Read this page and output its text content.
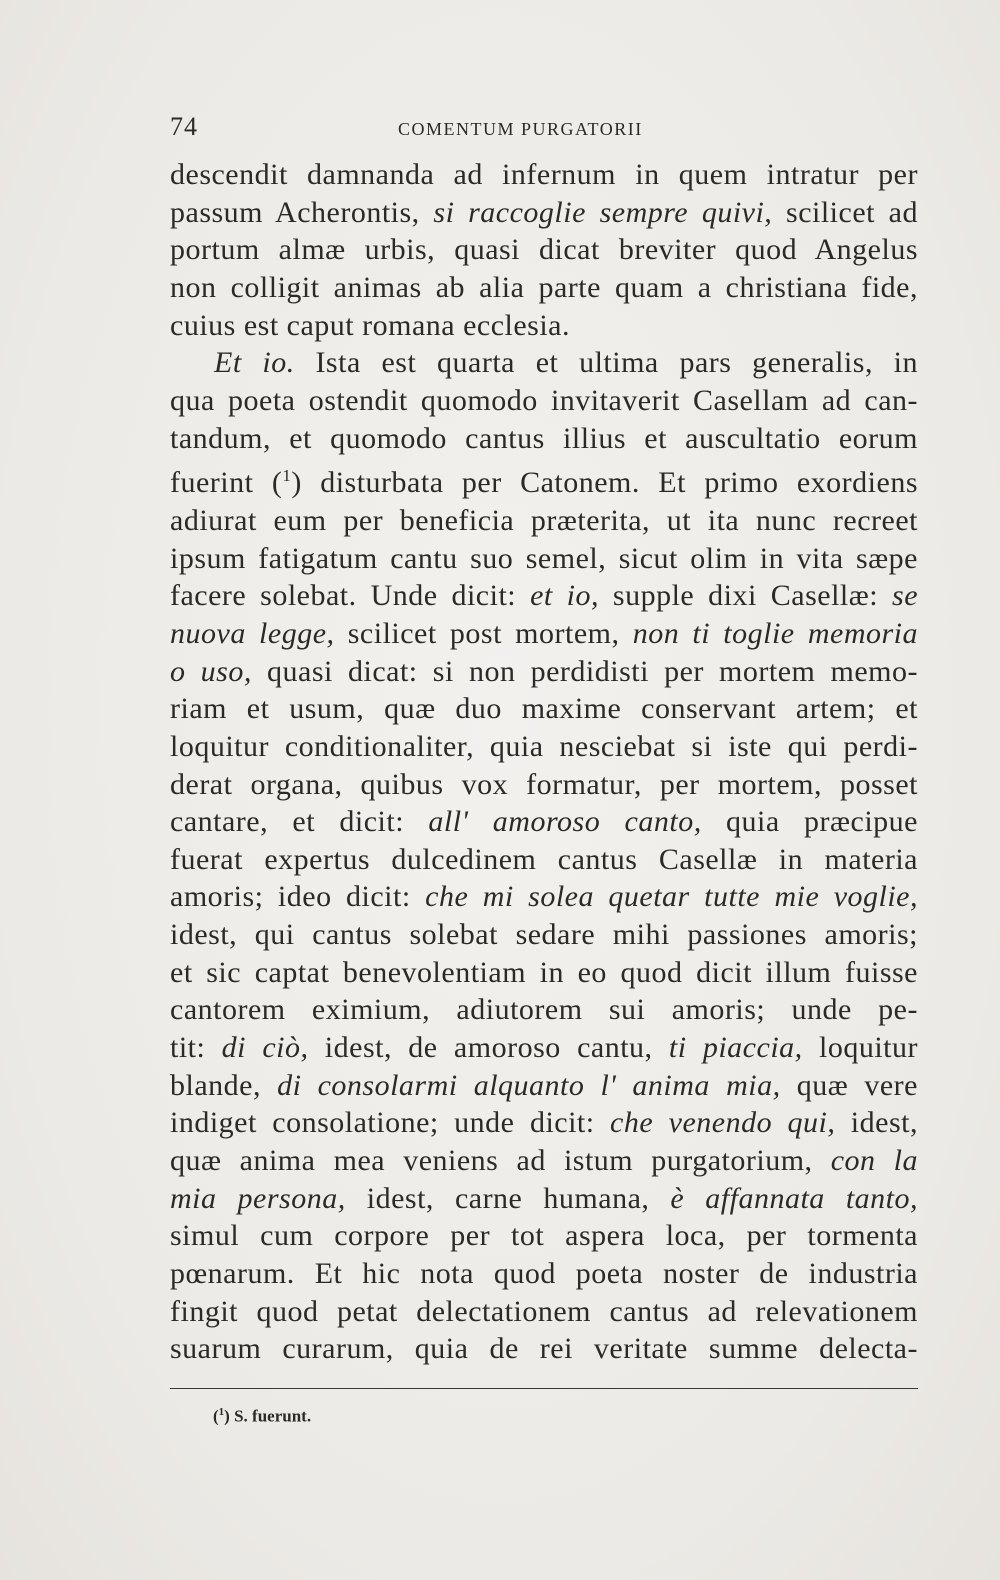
74	COMENTUM PURGATORII
descendit damnanda ad infernum in quem intratur per
passum Acherontis, si raccoglie sempre quivi, scilicet ad
portum almæ urbis, quasi dicat breviter quod Angelus
non colligit animas ab alia parte quam a christiana fide,
cuius est caput romana ecclesia.
Et io. Ista est quarta et ultima pars generalis, in
qua poeta ostendit quomodo invitaverit Casellam ad can-
tandum, et quomodo cantus illius et auscultatio eorum
fuerint ($^1$) disturbata per Catonem. Et primo exordiens
adiurat eum per beneficia præterita, ut ita nunc recreet
ipsum fatigatum cantu suo semel, sicut olim in vita sæpe
facere solebat. Unde dicit: et io, supple dixi Casellæ: se
nuova legge, scilicet post mortem, non ti toglie memoria
o uso, quasi dicat: si non perdidisti per mortem memo-
riam et usum, quæ duo maxime conservant artem; et
loquitur conditionaliter, quia nesciebat si iste qui perdi-
derat organa, quibus vox formatur, per mortem, posset
cantare, et dicit: all' amoroso canto, quia præcipue
fuerat expertus dulcedinem cantus Casellæ in materia
amoris; ideo dicit: che mi solea quetar tutte mie voglie,
idest, qui cantus solebat sedare mihi passiones amoris;
et sic captat benevolentiam in eo quod dicit illum fuisse
cantorem eximium, adiutorem sui amoris; unde pe-
tit: di ciò, idest, de amoroso cantu, ti piaccia, loquitur
blande, di consolarmi alquanto l' anima mia, quæ vere
indiget consolatione; unde dicit: che venendo qui, idest,
quæ anima mea veniens ad istum purgatorium, con la
mia persona, idest, carne humana, è affannata tanto,
simul cum corpore per tot aspera loca, per tormenta
pœnarum. Et hic nota quod poeta noster de industria
fingit quod petat delectationem cantus ad relevationem
suarum curarum, quia de rei veritate summe delecta-
($^1$) S. fuerunt.
